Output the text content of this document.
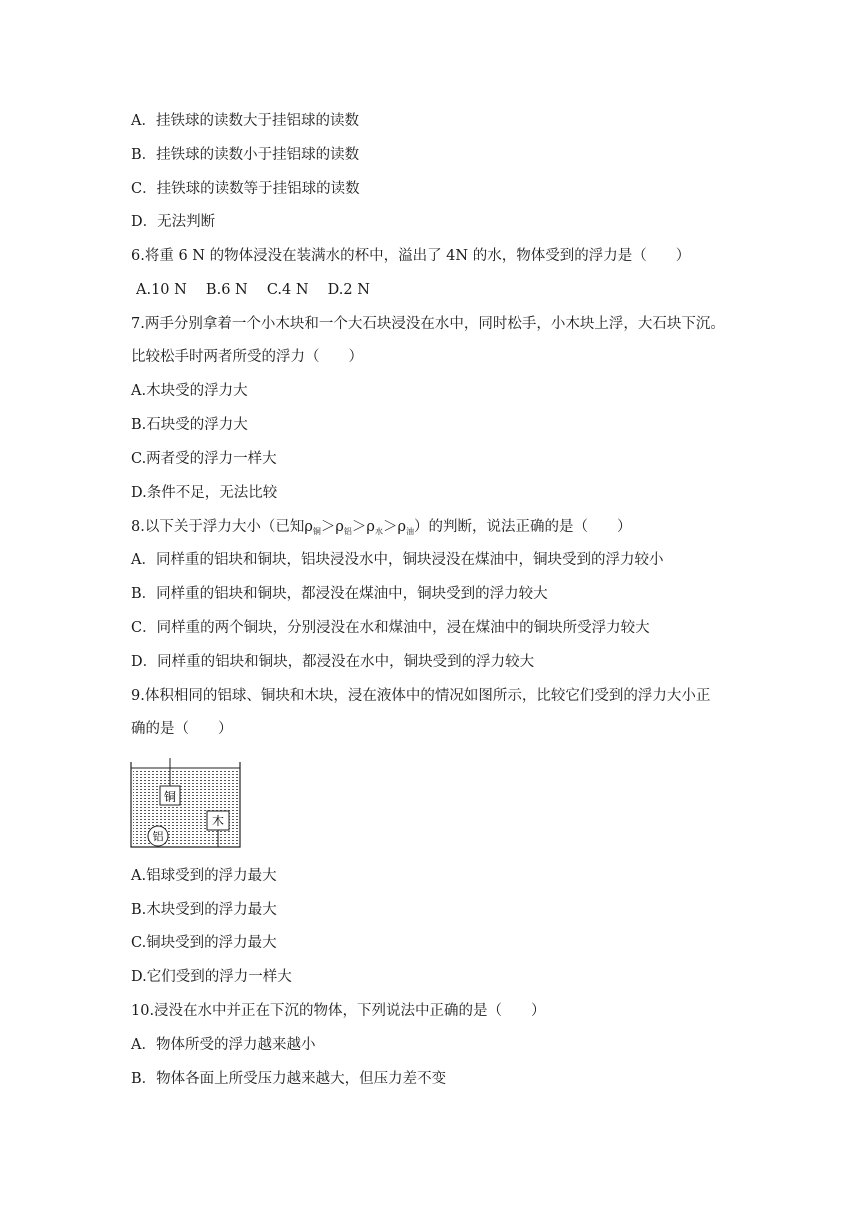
A．挂铁球的读数大于挂铝球的读数
B．挂铁球的读数小于挂铝球的读数
C．挂铁球的读数等于挂铝球的读数
D．无法判断
6.将重 6 N 的物体浸没在装满水的杯中，溢出了 4N 的水，物体受到的浮力是（　　）
A.10 N　 B.6 N　 C.4 N　 D.2 N
7.两手分别拿着一个小木块和一个大石块浸没在水中，同时松手，小木块上浮，大石块下沉。
比较松手时两者所受的浮力（　　）
A.木块受的浮力大
B.石块受的浮力大
C.两者受的浮力一样大
D.条件不足，无法比较
8.以下关于浮力大小（已知$\rho_铜>\rho_铝>\rho_水>\rho_油$）的判断，说法正确的是（　　）
A．同样重的铝块和铜块，铝块浸没水中，铜块浸没在煤油中，铜块受到的浮力较小
B．同样重的铝块和铜块，都浸没在煤油中，铜块受到的浮力较大
C．同样重的两个铜块，分别浸没在水和煤油中，浸在煤油中的铜块所受浮力较大
D．同样重的铝块和铜块，都浸没在水中，铜块受到的浮力较大
9.体积相同的铝球、铜块和木块，浸在液体中的情况如图所示，比较它们受到的浮力大小正
确的是（　　）
铜
木
铝
A.铝球受到的浮力最大
B.木块受到的浮力最大
C.铜块受到的浮力最大
D.它们受到的浮力一样大
10.浸没在水中并正在下沉的物体，下列说法中正确的是（　　）
A．物体所受的浮力越来越小
B．物体各面上所受压力越来越大，但压力差不变
